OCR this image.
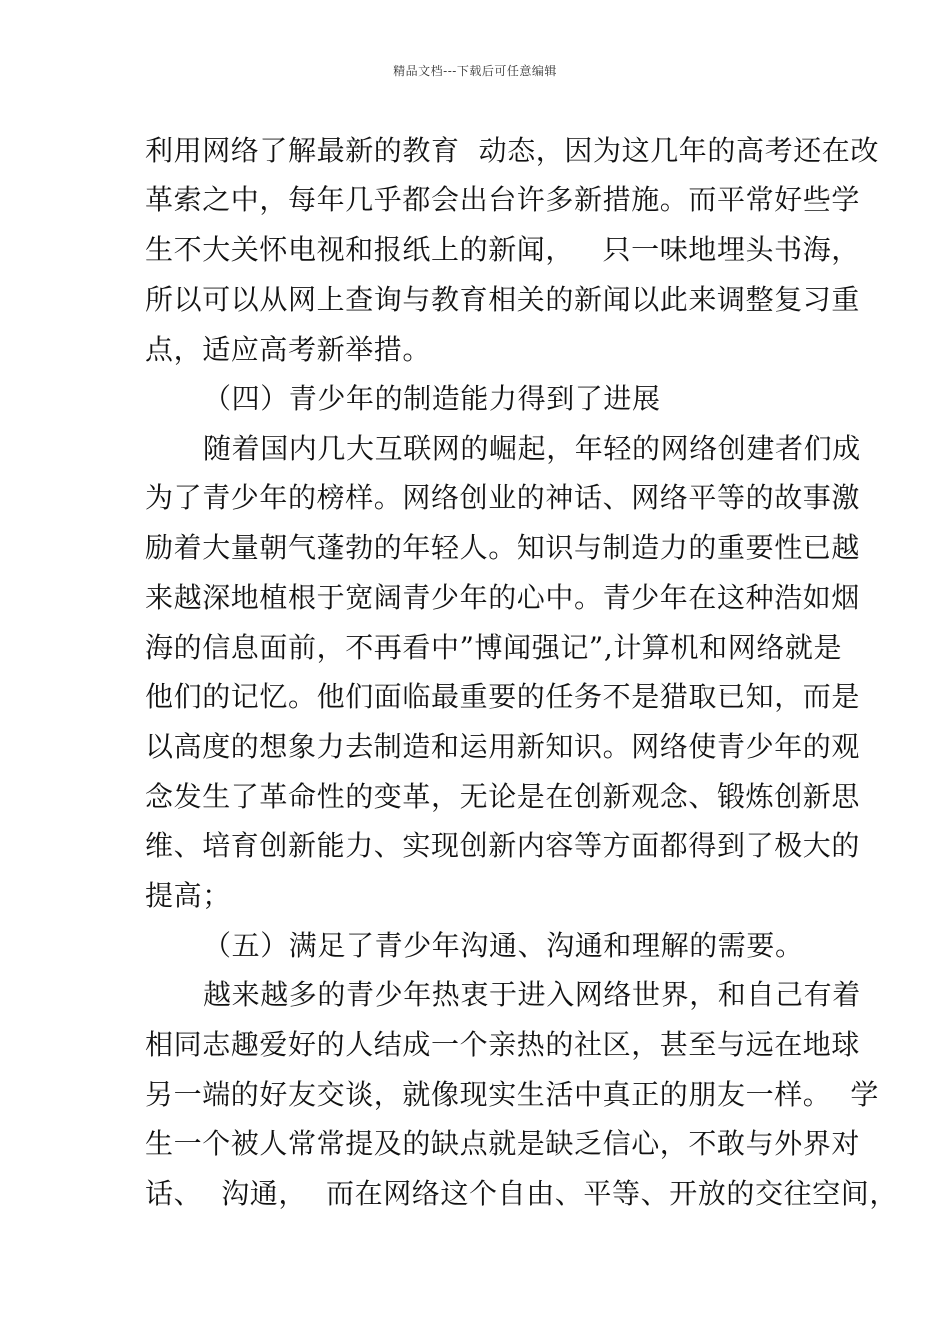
精品文档---下载后可任意编辑
利用网络了解最新的教育  动态，因为这几年的高考还在改
革索之中，每年几乎都会出台许多新措施。而平常好些学
生不大关怀电视和报纸上的新闻，   只一味地埋头书海，
所以可以从网上查询与教育相关的新闻以此来调整复习重
点，适应高考新举措。
（四）青少年的制造能力得到了进展
随着国内几大互联网的崛起，年轻的网络创建者们成
为了青少年的榜样。网络创业的神话、网络平等的故事激
励着大量朝气蓬勃的年轻人。知识与制造力的重要性已越
来越深地植根于宽阔青少年的心中。青少年在这种浩如烟
海的信息面前，不再看中”博闻强记”,计算机和网络就是
他们的记忆。他们面临最重要的任务不是猎取已知，而是
以高度的想象力去制造和运用新知识。网络使青少年的观
念发生了革命性的变革，无论是在创新观念、锻炼创新思
维、培育创新能力、实现创新内容等方面都得到了极大的
提高；
（五）满足了青少年沟通、沟通和理解的需要。
越来越多的青少年热衷于进入网络世界，和自己有着
相同志趣爱好的人结成一个亲热的社区，甚至与远在地球
另一端的好友交谈，就像现实生活中真正的朋友一样。  学
生一个被人常常提及的缺点就是缺乏信心，不敢与外界对
话、  沟通，  而在网络这个自由、平等、开放的交往空间，
